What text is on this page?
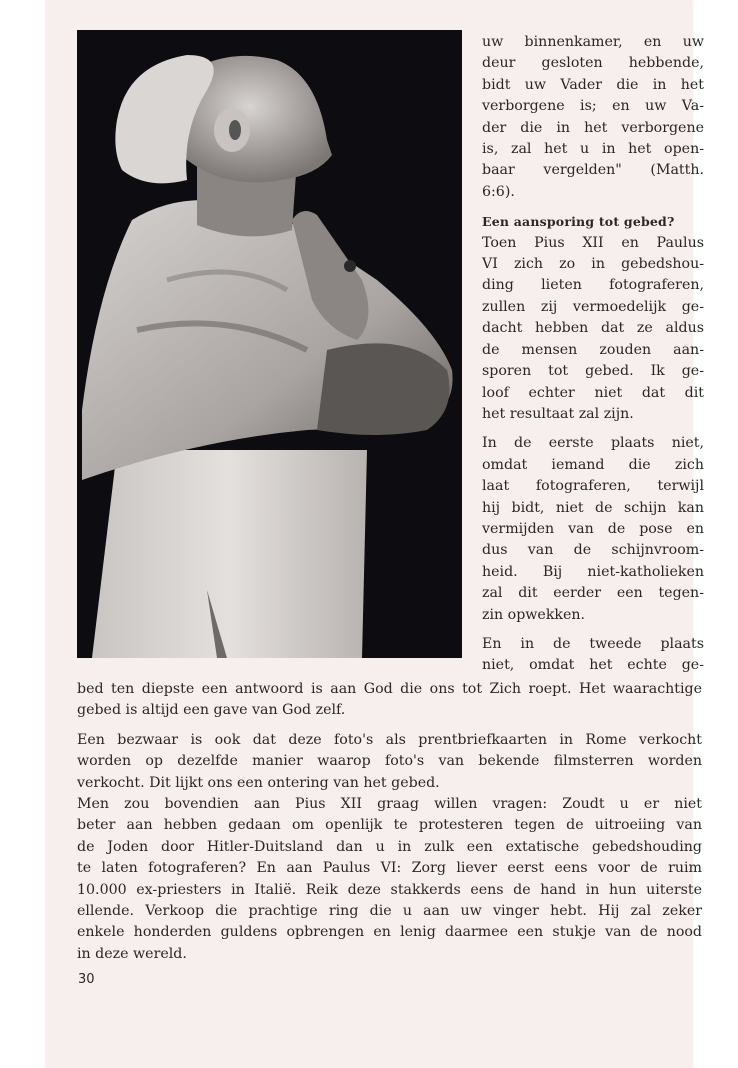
uw binnenkamer, en uw
deur gesloten hebbende,
bidt uw Vader die in het
verborgene is; en uw Va-
der die in het verborgene
is, zal het u in het open-
baar vergelden" (Matth.
6:6).

Een aansporing tot gebed?

Toen Pius XII en Paulus
VI zich zo in gebedshou-
ding lieten fotograferen,
zullen zij vermoedelijk ge-
dacht hebben dat ze aldus
de mensen zouden aan-
sporen tot gebed. Ik ge-
loof echter niet dat dit
het resultaat zal zijn.

In de eerste plaats niet,
omdat iemand die zich
laat fotograferen, terwijl
hij bidt, niet de schijn kan
vermijden van de pose en
dus van de schijnvroom-
heid. Bij niet-katholieken
zal dit eerder een tegen-
zin opwekken.

En in de tweede plaats
niet, omdat het echte ge-

bed ten diepste een antwoord is aan God die ons tot Zich roept. Het waarachtige
gebed is altijd een gave van God zelf.
Een bezwaar is ook dat deze foto's als prentbriefkaarten in Rome verkocht
worden op dezelfde manier waarop foto's van bekende filmsterren worden
verkocht. Dit lijkt ons een ontering van het gebed.
Men zou bovendien aan Pius XII graag willen vragen: Zoudt u er niet
beter aan hebben gedaan om openlijk te protesteren tegen de uitroeiing van
de Joden door Hitler-Duitsland dan u in zulk een extatische gebedshouding
te laten fotograferen? En aan Paulus VI: Zorg liever eerst eens voor de ruim
10.000 ex-priesters in Italië. Reik deze stakkerds eens de hand in hun uiterste
ellende. Verkoop die prachtige ring die u aan uw vinger hebt. Hij zal zeker
enkele honderden guldens opbrengen en lenig daarmee een stukje van de nood
in deze wereld.
30
